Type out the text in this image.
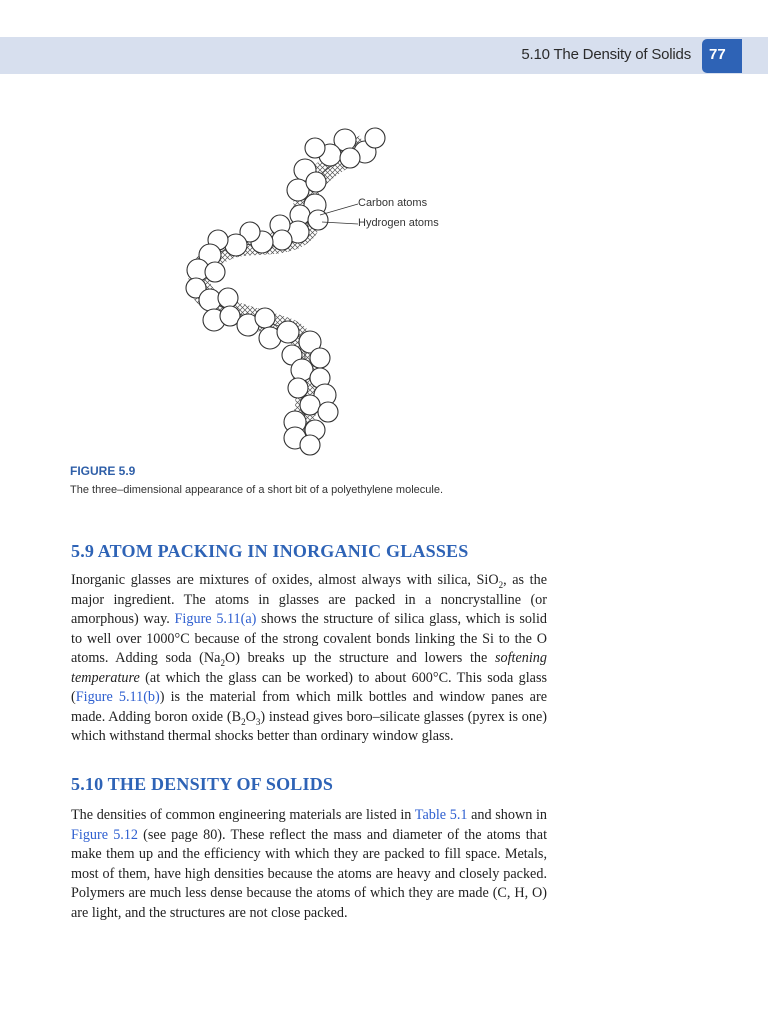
5.10 The Density of Solids 77
Carbon atoms
Hydrogen atoms
FIGURE 5.9
The three–dimensional appearance of a short bit of a polyethylene molecule.
5.9 ATOM PACKING IN INORGANIC GLASSES
Inorganic glasses are mixtures of oxides, almost always with silica, SiO$_2$, as the major ingredient. The atoms in glasses are packed in a noncrystalline (or amorphous) way. Figure 5.11(a) shows the structure of silica glass, which is solid to well over 1000°C because of the strong covalent bonds linking the Si to the O atoms. Adding soda $(Na_2O)$ breaks up the structure and lowers the softening temperature (at which the glass can be worked) to about 600°C. This soda glass (Figure 5.11(b)) is the material from which milk bottles and window panes are made. Adding boron oxide $(B_2O_3)$ instead gives boro–silicate glasses (pyrex is one) which withstand thermal shocks better than ordinary window glass.
5.10 THE DENSITY OF SOLIDS
The densities of common engineering materials are listed in Table 5.1 and shown in Figure 5.12 (see page 80). These reflect the mass and diameter of the atoms that make them up and the efficiency with which they are packed to fill space. Metals, most of them, have high densities because the atoms are heavy and closely packed. Polymers are much less dense because the atoms of which they are made (C, H, O) are light, and the structures are not close packed.
